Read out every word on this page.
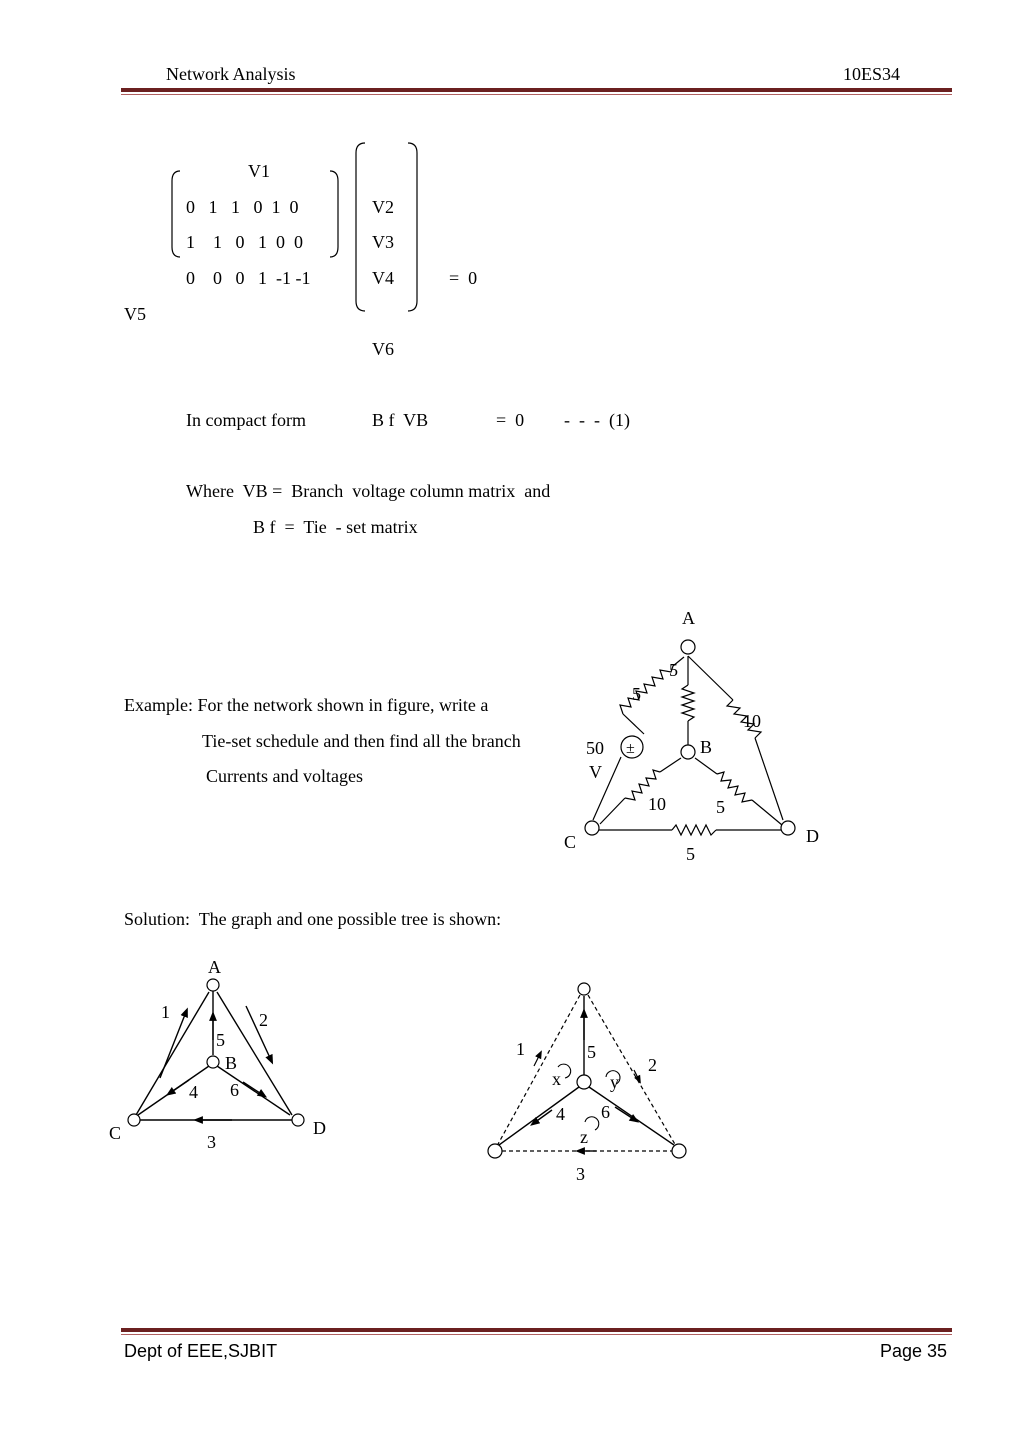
Network Analysis	10ES34
V1
0   1   1   0  1  0
1    1   0   1  0  0
0    0   0   1  -1 -1
V2
V3
V4	=  0
V5
V6
In compact form	B f  VB	=  0 -  -  -  (1)
Where  VB =  Branch  voltage column matrix  and
B f  =  Tie  - set matrix
Example: For the network shown in figure, write a
Tie-set schedule and then find all the branch
Currents and voltages
A
B
C	D
±
5
5
10
10	5
5
50
V
Solution:  The graph and one possible tree is shown:
A
B
C	D
1	2
3
4
5
6
1
2
3
4
5
6
x	y
z
Dept of EEE,SJBIT	Page 35
